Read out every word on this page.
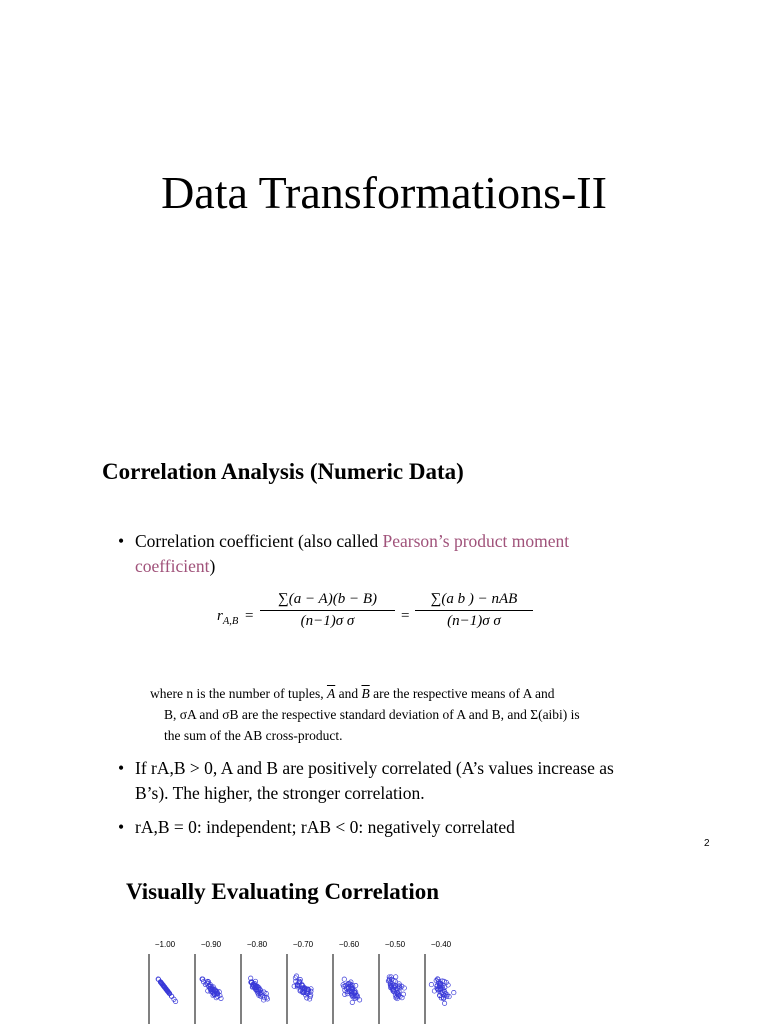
Data Transformations-II
Correlation Analysis (Numeric Data)
• Correlation coefficient (also called Pearson’s product moment coefficient)
$r_{A,B}$ =
∑(a − A)(b − B)
(n−1)σ σ	=
∑(a b ) − nAB
(n−1)σ σ
where n is the number of tuples, $\overline{A}$ and $\overline{B}$ are the respective means of A and
B, σA and σB are the respective standard deviation of A and B, and Σ(aibi) is
the sum of the AB cross-product.
• If rA,B > 0, A and B are positively correlated (A’s values increase as B’s). The higher, the stronger correlation.
• rA,B = 0: independent; rAB < 0: negatively correlated
2
Visually Evaluating Correlation
−1.00	−0.90	−0.80	−0.70	−0.60	−0.50	−0.40
